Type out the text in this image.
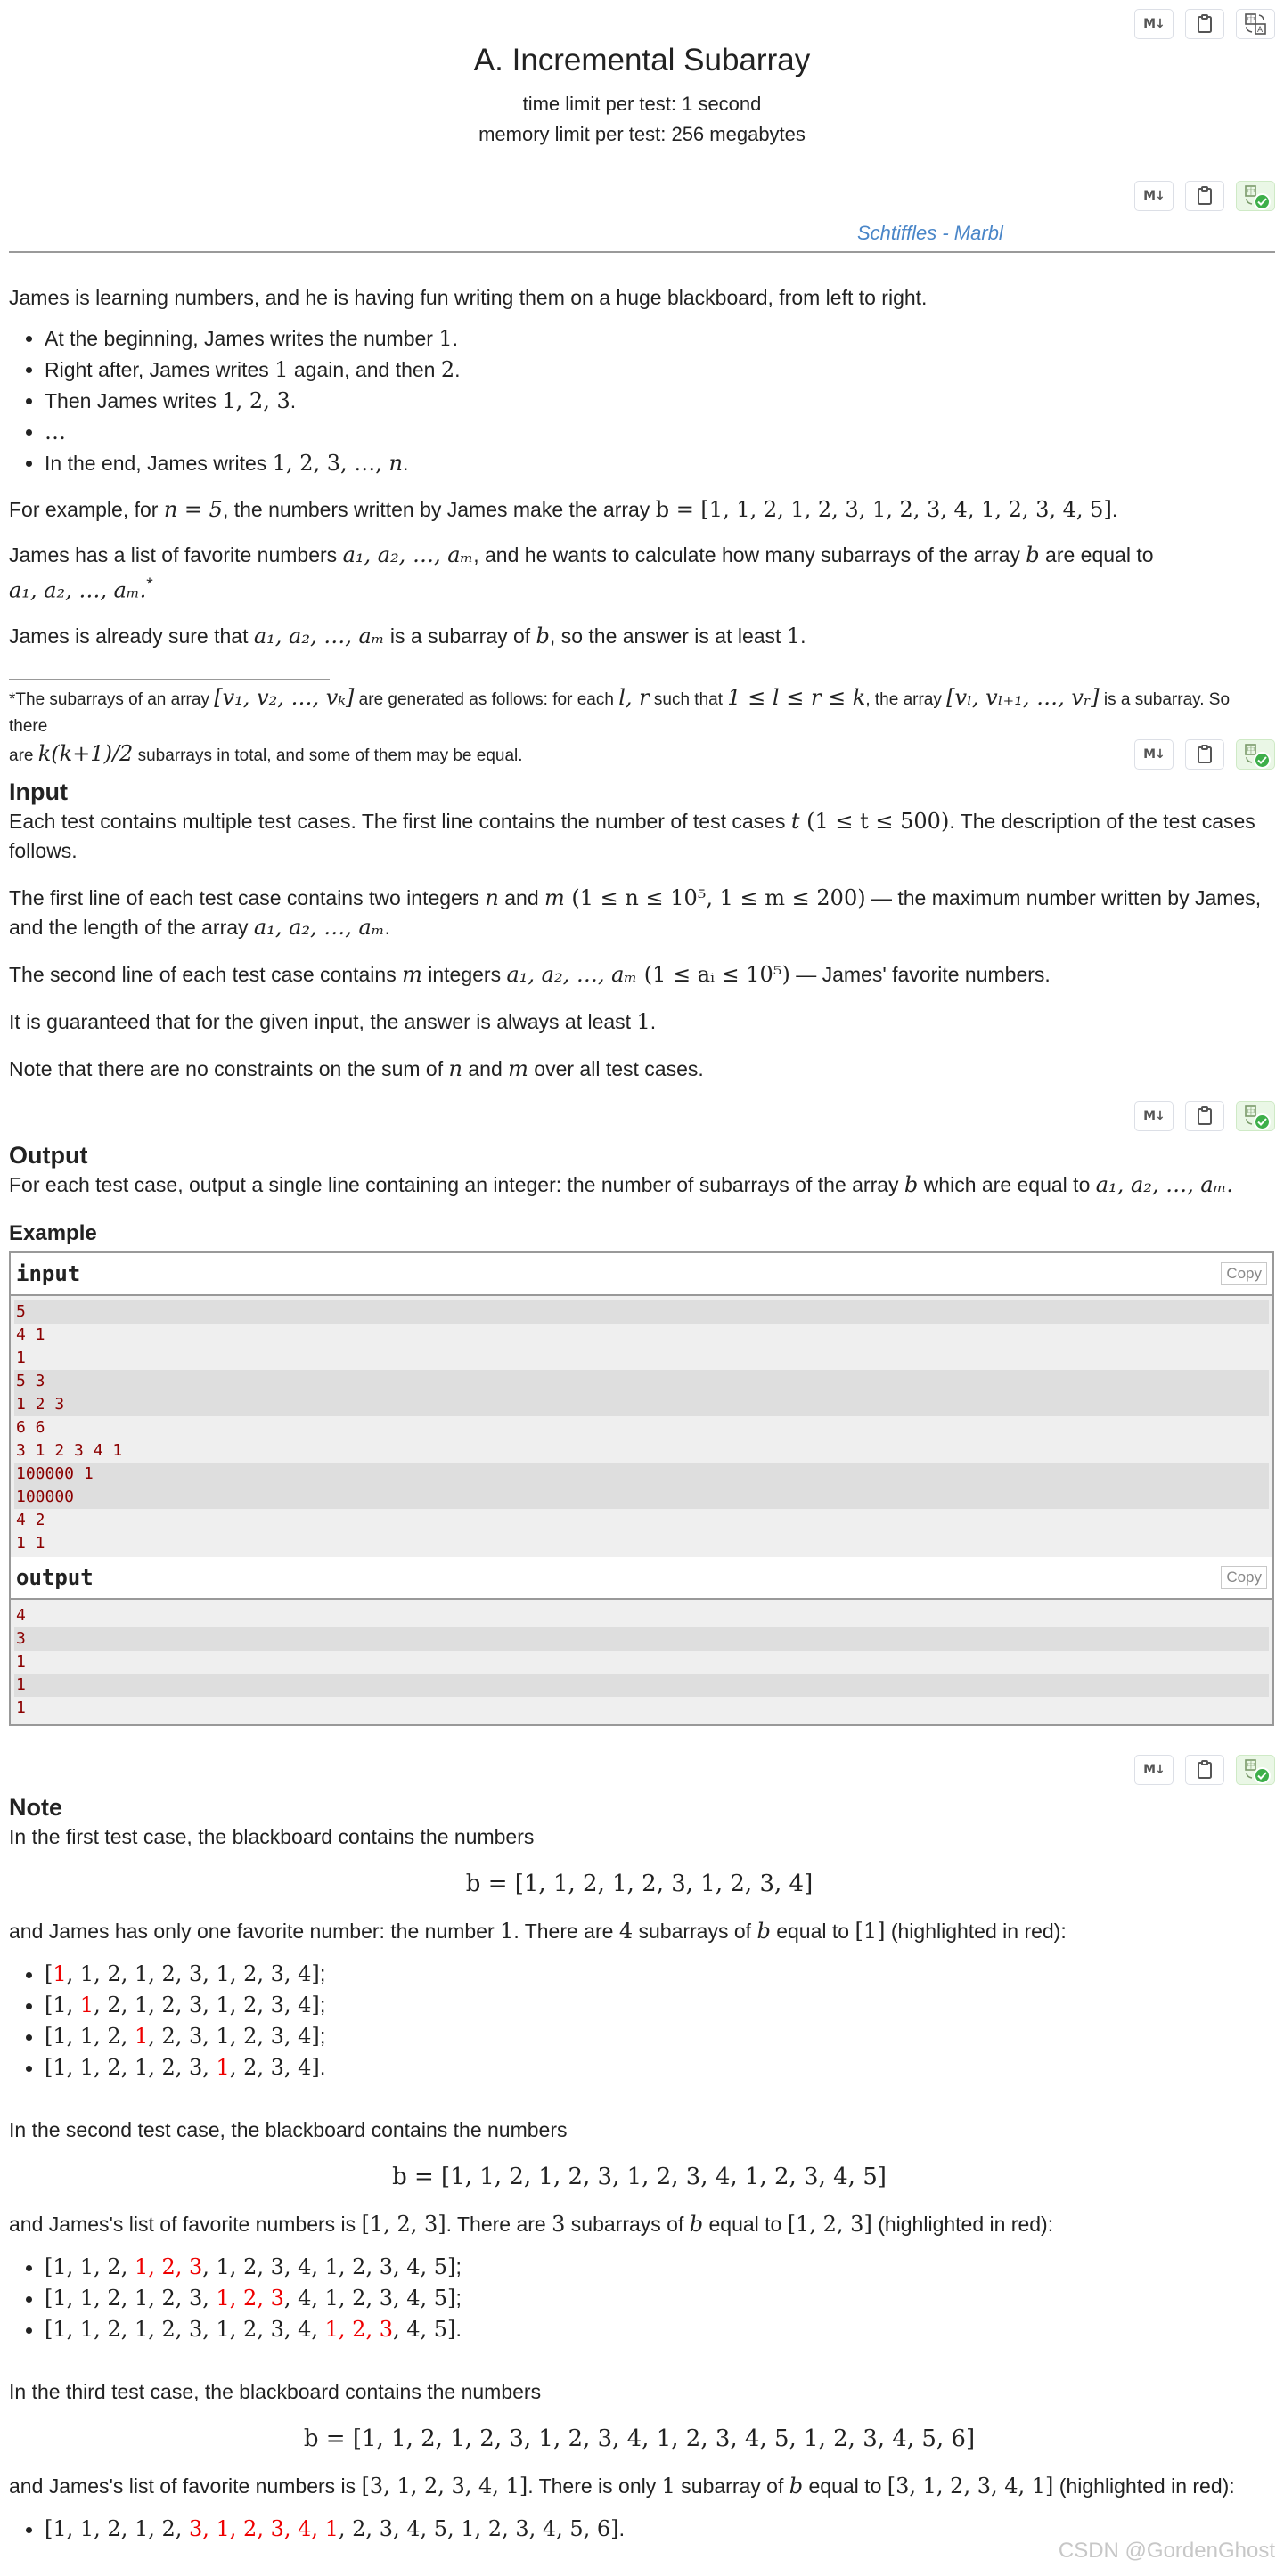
M↓	中
A
A. Incremental Subarray
time limit per test: 1 second
memory limit per test: 256 megabytes
M↓	中
Schtiffles - Marbl

James is learning numbers, and he is having fun writing them on a huge blackboard, from left to right.

• At the beginning, James writes the number 1.
• Right after, James writes 1 again, and then 2.
• Then James writes 1, 2, 3.
• …
• In the end, James writes 1, 2, 3, …, n.

For example, for n = 5, the numbers written by James make the array b = [1, 1, 2, 1, 2, 3, 1, 2, 3, 4, 1, 2, 3, 4, 5].

James has a list of favorite numbers a₁, a₂, …, aₘ, and he wants to calculate how many subarrays of the array b are equal to
a₁, a₂, …, aₘ.*

James is already sure that a₁, a₂, …, aₘ is a subarray of b, so the answer is at least 1.

*The subarrays of an array [v₁, v₂, …, vₖ] are generated as follows: for each l, r such that 1 ≤ l ≤ r ≤ k, the array [vₗ, vₗ₊₁, …, vᵣ] is a subarray. So there
are k(k+1)/2 subarrays in total, and some of them may be equal.	M↓	中
Input

Each test contains multiple test cases. The first line contains the number of test cases t (1 ≤ t ≤ 500). The description of the test cases follows.

The first line of each test case contains two integers n and m (1 ≤ n ≤ 10⁵, 1 ≤ m ≤ 200) — the maximum number written by James, and the length of the array a₁, a₂, …, aₘ.

The second line of each test case contains m integers a₁, a₂, …, aₘ (1 ≤ aᵢ ≤ 10⁵) — James' favorite numbers.

It is guaranteed that for the given input, the answer is always at least 1.

Note that there are no constraints on the sum of n and m over all test cases.

M↓	中
Output

For each test case, output a single line containing an integer: the number of subarrays of the array b which are equal to a₁, a₂, …, aₘ.

Example
input	Copy
5
4 1
1
5 3
1 2 3
6 6
3 1 2 3 4 1
100000 1
100000
4 2
1 1
output	Copy
4
3
1
1
1
M↓	中
Note

In the first test case, the blackboard contains the numbers

b = [1, 1, 2, 1, 2, 3, 1, 2, 3, 4]

and James has only one favorite number: the number 1. There are 4 subarrays of b equal to [1] (highlighted in red):

• [1, 1, 2, 1, 2, 3, 1, 2, 3, 4];
• [1, 1, 2, 1, 2, 3, 1, 2, 3, 4];
• [1, 1, 2, 1, 2, 3, 1, 2, 3, 4];
• [1, 1, 2, 1, 2, 3, 1, 2, 3, 4].

In the second test case, the blackboard contains the numbers

b = [1, 1, 2, 1, 2, 3, 1, 2, 3, 4, 1, 2, 3, 4, 5]

and James's list of favorite numbers is [1, 2, 3]. There are 3 subarrays of b equal to [1, 2, 3] (highlighted in red):

• [1, 1, 2, 1, 2, 3, 1, 2, 3, 4, 1, 2, 3, 4, 5];
• [1, 1, 2, 1, 2, 3, 1, 2, 3, 4, 1, 2, 3, 4, 5];
• [1, 1, 2, 1, 2, 3, 1, 2, 3, 4, 1, 2, 3, 4, 5].

In the third test case, the blackboard contains the numbers

b = [1, 1, 2, 1, 2, 3, 1, 2, 3, 4, 1, 2, 3, 4, 5, 1, 2, 3, 4, 5, 6]

and James's list of favorite numbers is [3, 1, 2, 3, 4, 1]. There is only 1 subarray of b equal to [3, 1, 2, 3, 4, 1] (highlighted in red):

• [1, 1, 2, 1, 2, 3, 1, 2, 3, 4, 1, 2, 3, 4, 5, 1, 2, 3, 4, 5, 6].
CSDN @GordenGhost
